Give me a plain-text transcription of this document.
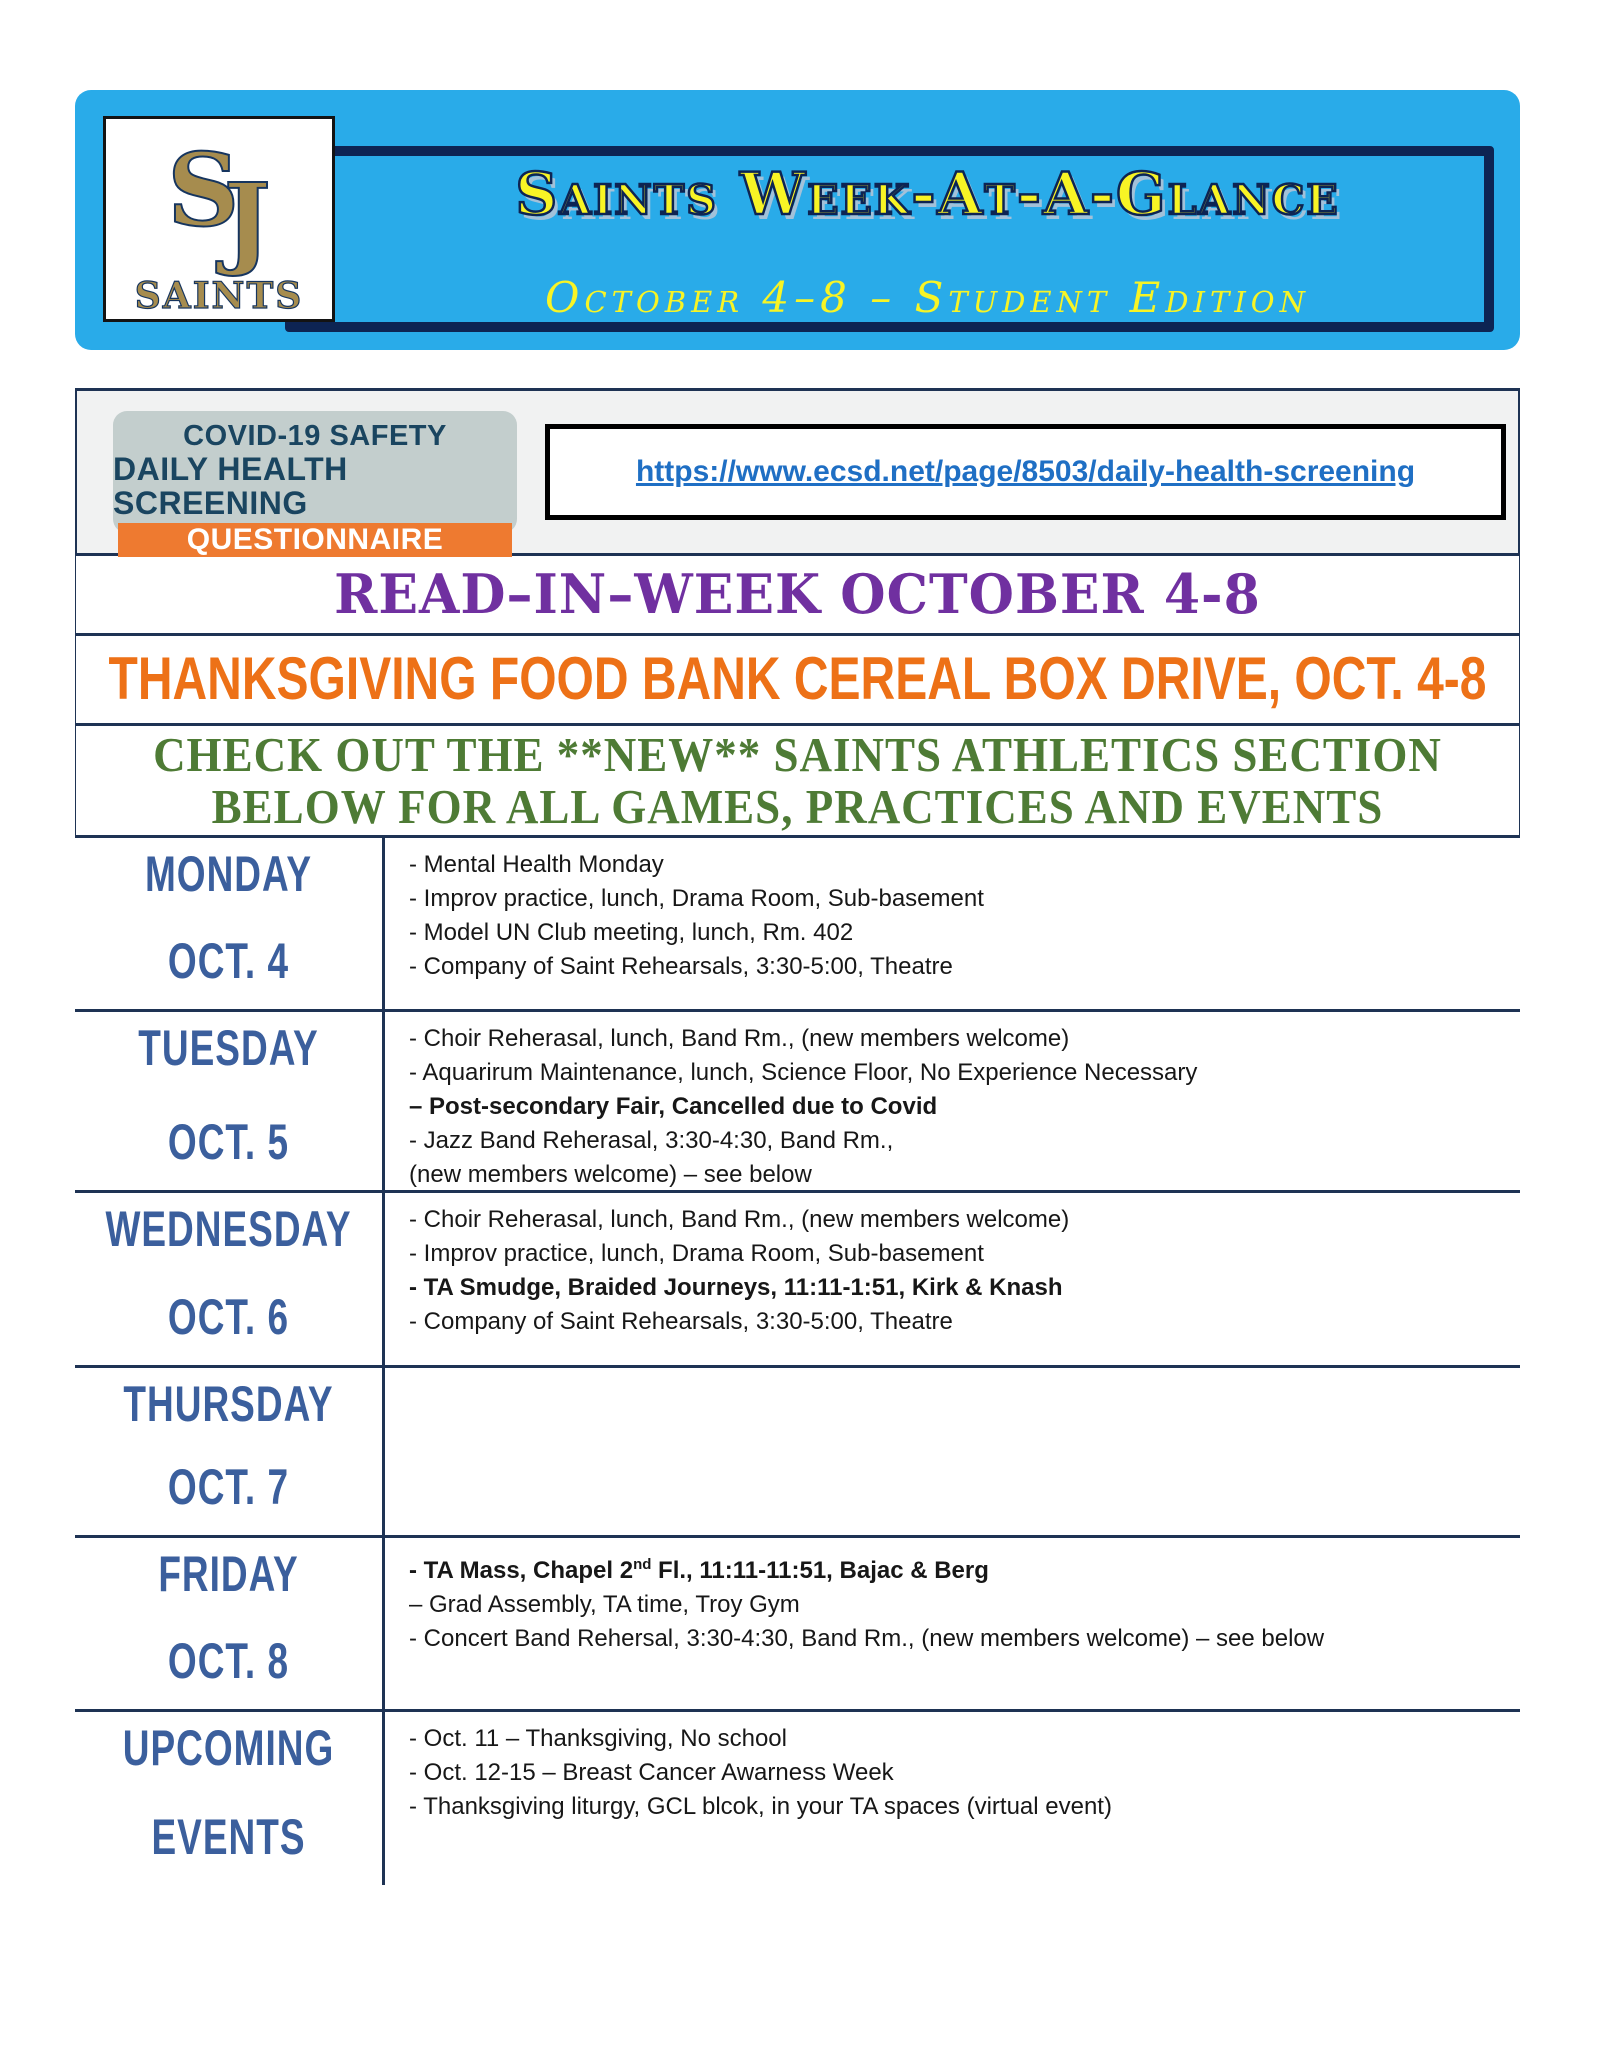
SJ
SAINTS
Saints Week-At-A-Glance
October 4–8 – Student Edition
COVID-19 SAFETY
DAILY HEALTH SCREENING
QUESTIONNAIRE
https://www.ecsd.net/page/8503/daily-health-screening
READ–IN–WEEK OCTOBER 4-8
THANKSGIVING FOOD BANK CEREAL BOX DRIVE, OCT. 4-8
CHECK OUT THE **NEW** SAINTS ATHLETICS SECTION
BELOW FOR ALL GAMES, PRACTICES AND EVENTS
MONDAY
OCT. 4
- Mental Health Monday
- Improv practice, lunch, Drama Room, Sub-basement
- Model UN Club meeting, lunch, Rm. 402
- Company of Saint Rehearsals, 3:30-5:00, Theatre
TUESDAY
OCT. 5
- Choir Reherasal, lunch, Band Rm., (new members welcome)
- Aquarirum Maintenance, lunch, Science Floor, No Experience Necessary
– Post-secondary Fair, Cancelled due to Covid
- Jazz Band Reherasal, 3:30-4:30, Band Rm.,
(new members welcome) – see below
WEDNESDAY
OCT. 6
- Choir Reherasal, lunch, Band Rm., (new members welcome)
- Improv practice, lunch, Drama Room, Sub-basement
- TA Smudge, Braided Journeys, 11:11-1:51, Kirk & Knash
- Company of Saint Rehearsals, 3:30-5:00, Theatre
THURSDAY
OCT. 7
FRIDAY
OCT. 8
- TA Mass, Chapel 2nd Fl., 11:11-11:51, Bajac & Berg
– Grad Assembly, TA time, Troy Gym
- Concert Band Rehersal, 3:30-4:30, Band Rm., (new members welcome) – see below
UPCOMING
EVENTS
- Oct. 11 – Thanksgiving, No school
- Oct. 12-15 – Breast Cancer Awarness Week
- Thanksgiving liturgy, GCL blcok, in your TA spaces (virtual event)
